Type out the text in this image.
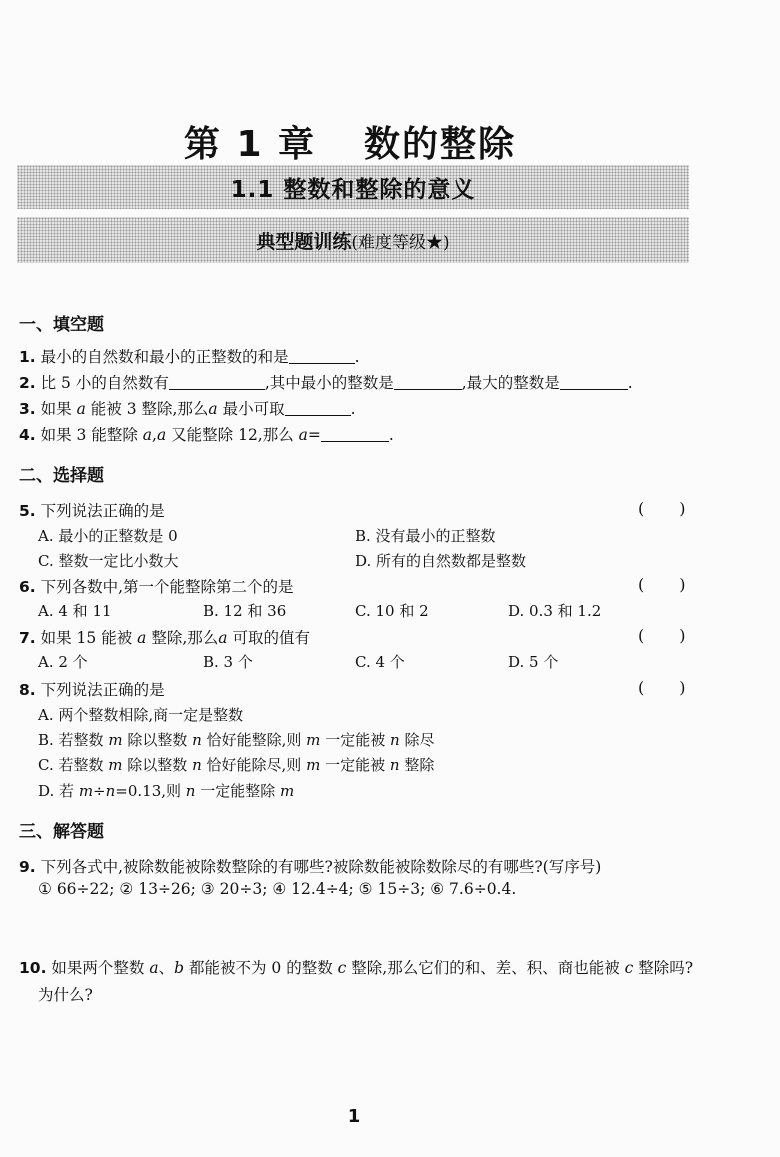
第 1 章 数的整除
1.1 整数和整除的意义
典型题训练(难度等级★)
一、填空题
1. 最小的自然数和最小的正整数的和是	.
2. 比 5 小的自然数有	,其中最小的整数是	,最大的整数是	.
3. 如果 a 能被 3 整除,那么a 最小可取	.
4. 如果 3 能整除 a,a 又能整除 12,那么 a=	.
二、选择题
5. 下列说法正确的是	(　　)
A. 最小的正整数是 0	B. 没有最小的正整数
C. 整数一定比小数大	D. 所有的自然数都是整数
6. 下列各数中,第一个能整除第二个的是	(　　)
A. 4 和 11	B. 12 和 36	C. 10 和 2	D. 0.3 和 1.2
7. 如果 15 能被 a 整除,那么a 可取的值有	(　　)
A. 2 个	B. 3 个	C. 4 个	D. 5 个
8. 下列说法正确的是	(　　)
A. 两个整数相除,商一定是整数
B. 若整数 m 除以整数 n 恰好能整除,则 m 一定能被 n 除尽
C. 若整数 m 除以整数 n 恰好能除尽,则 m 一定能被 n 整除
D. 若 m÷n=0.13,则 n 一定能整除 m
三、解答题
9. 下列各式中,被除数能被除数整除的有哪些?被除数能被除数除尽的有哪些?(写序号)
① 66÷22; ② 13÷26; ③ 20÷3; ④ 12.4÷4; ⑤ 15÷3; ⑥ 7.6÷0.4.
10. 如果两个整数 a、b 都能被不为 0 的整数 c 整除,那么它们的和、差、积、商也能被 c 整除吗?
为什么?
1
